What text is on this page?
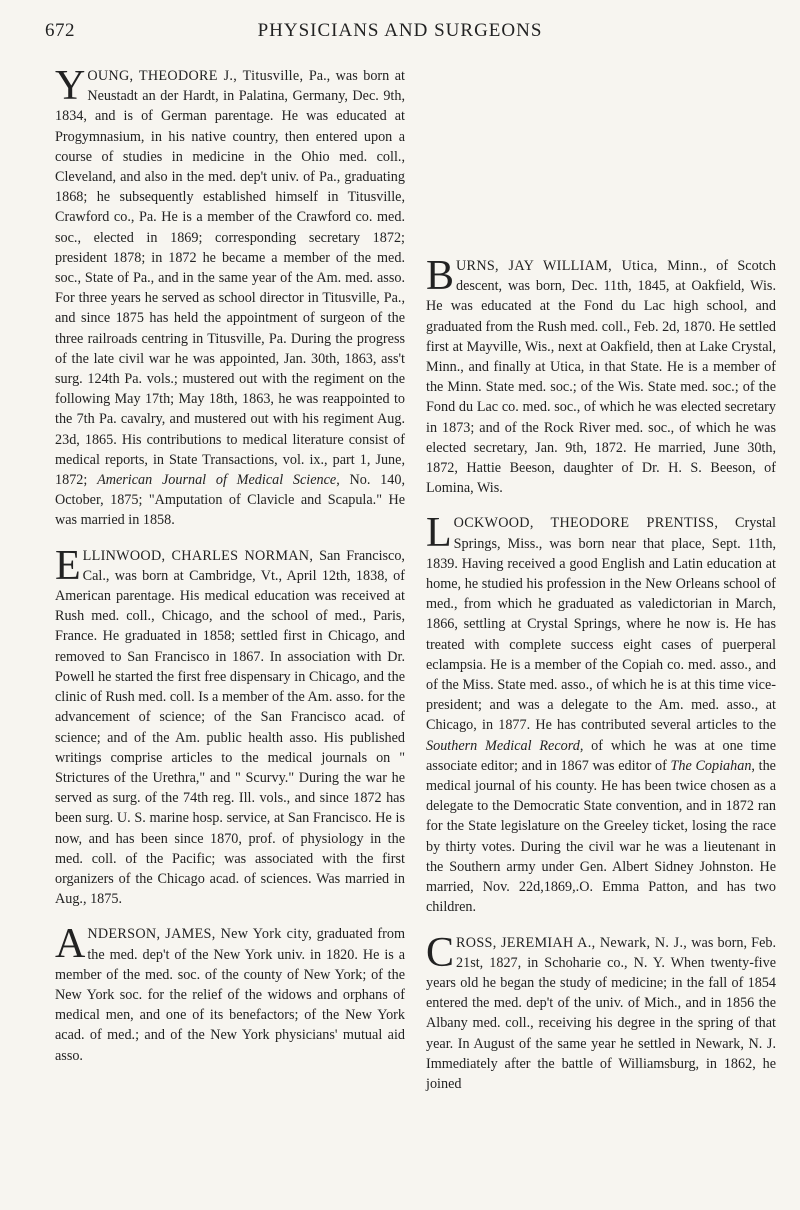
672	PHYSICIANS AND SURGEONS

YOUNG, THEODORE J., Titusville, Pa., was born at Neustadt an der Hardt, in Palatina, Germany, Dec. 9th, 1834, and is of German parentage. He was educated at Progymnasium, in his native country, then entered upon a course of studies in medicine in the Ohio med. coll., Cleveland, and also in the med. dep't univ. of Pa., graduating 1868; he subsequently established himself in Titusville, Crawford co., Pa. He is a member of the Crawford co. med. soc., elected in 1869; corresponding secretary 1872; president 1878; in 1872 he became a member of the med. soc., State of Pa., and in the same year of the Am. med. asso. For three years he served as school director in Titusville, Pa., and since 1875 has held the appointment of surgeon of the three railroads centring in Titusville, Pa. During the progress of the late civil war he was appointed, Jan. 30th, 1863, ass't surg. 124th Pa. vols.; mustered out with the regiment on the following May 17th; May 18th, 1863, he was reappointed to the 7th Pa. cavalry, and mustered out with his regiment Aug. 23d, 1865. His contributions to medical literature consist of medical reports, in State Transactions, vol. ix., part 1, June, 1872; American Journal of Medical Science, No. 140, October, 1875; "Amputation of Clavicle and Scapula." He was married in 1858.

ELLINWOOD, CHARLES NORMAN, San Francisco, Cal., was born at Cambridge, Vt., April 12th, 1838, of American parentage. His medical education was received at Rush med. coll., Chicago, and the school of med., Paris, France. He graduated in 1858; settled first in Chicago, and removed to San Francisco in 1867. In association with Dr. Powell he started the first free dispensary in Chicago, and the clinic of Rush med. coll. Is a member of the Am. asso. for the advancement of science; of the San Francisco acad. of science; and of the Am. public health asso. His published writings comprise articles to the medical journals on " Strictures of the Urethra," and " Scurvy." During the war he served as surg. of the 74th reg. Ill. vols., and since 1872 has been surg. U. S. marine hosp. service, at San Francisco. He is now, and has been since 1870, prof. of physiology in the med. coll. of the Pacific; was associated with the first organizers of the Chicago acad. of sciences. Was married in Aug., 1875.

ANDERSON, JAMES, New York city, graduated from the med. dep't of the New York univ. in 1820. He is a member of the med. soc. of the county of New York; of the New York soc. for the relief of the widows and orphans of medical men, and one of its benefactors; of the New York acad. of med.; and of the New York physicians' mutual aid asso.

BURNS, JAY WILLIAM, Utica, Minn., of Scotch descent, was born, Dec. 11th, 1845, at Oakfield, Wis. He was educated at the Fond du Lac high school, and graduated from the Rush med. coll., Feb. 2d, 1870. He settled first at Mayville, Wis., next at Oakfield, then at Lake Crystal, Minn., and finally at Utica, in that State. He is a member of the Minn. State med. soc.; of the Wis. State med. soc.; of the Fond du Lac co. med. soc., of which he was elected secretary in 1873; and of the Rock River med. soc., of which he was elected secretary, Jan. 9th, 1872. He married, June 30th, 1872, Hattie Beeson, daughter of Dr. H. S. Beeson, of Lomina, Wis.

LOCKWOOD, THEODORE PRENTISS, Crystal Springs, Miss., was born near that place, Sept. 11th, 1839. Having received a good English and Latin education at home, he studied his profession in the New Orleans school of med., from which he graduated as valedictorian in March, 1866, settling at Crystal Springs, where he now is. He has treated with complete success eight cases of puerperal eclampsia. He is a member of the Copiah co. med. asso., and of the Miss. State med. asso., of which he is at this time vice-president; and was a delegate to the Am. med. asso., at Chicago, in 1877. He has contributed several articles to the Southern Medical Record, of which he was at one time associate editor; and in 1867 was editor of The Copiahan, the medical journal of his county. He has been twice chosen as a delegate to the Democratic State convention, and in 1872 ran for the State legislature on the Greeley ticket, losing the race by thirty votes. During the civil war he was a lieutenant in the Southern army under Gen. Albert Sidney Johnston. He married, Nov. 22d,1869,.O. Emma Patton, and has two children.

CROSS, JEREMIAH A., Newark, N. J., was born, Feb. 21st, 1827, in Schoharie co., N. Y. When twenty-five years old he began the study of medicine; in the fall of 1854 entered the med. dep't of the univ. of Mich., and in 1856 the Albany med. coll., receiving his degree in the spring of that year. In August of the same year he settled in Newark, N. J. Immediately after the battle of Williamsburg, in 1862, he joined
